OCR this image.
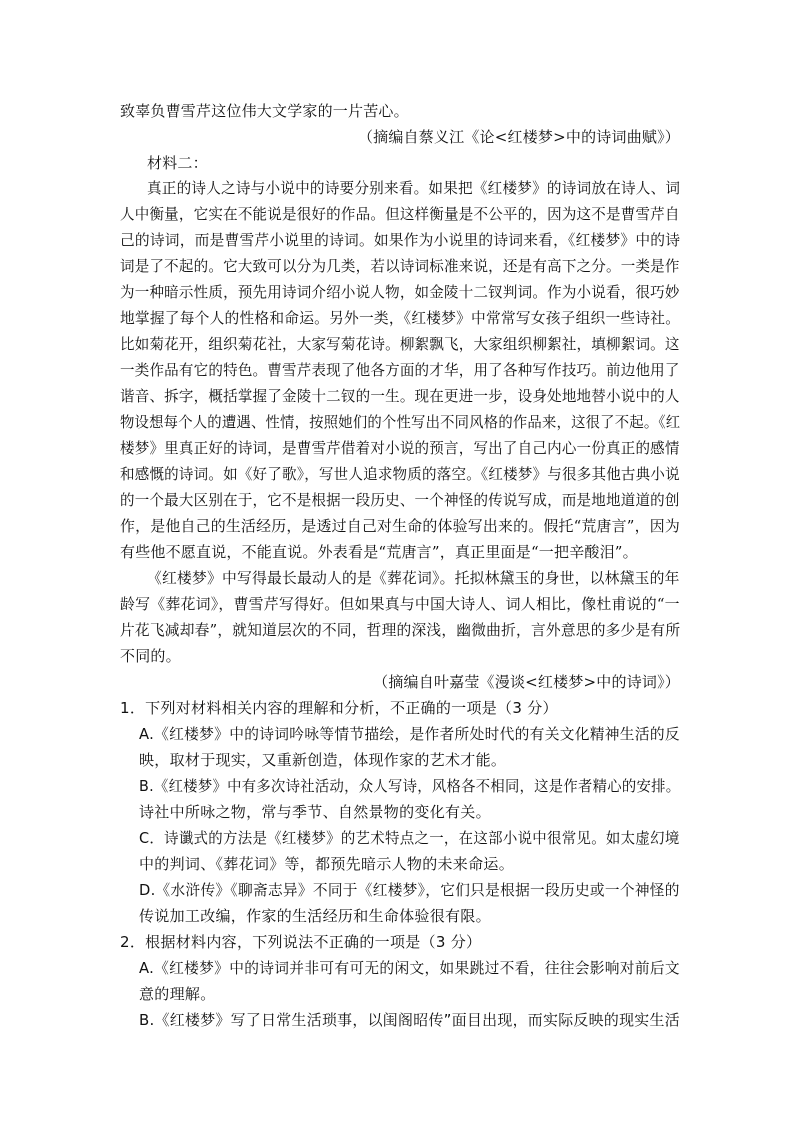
致辜负曹雪芹这位伟大文学家的一片苦心。
（摘编自蔡义江《论<红楼梦>中的诗词曲赋》）
材料二：
真正的诗人之诗与小说中的诗要分别来看。如果把《红楼梦》的诗词放在诗人、词
人中衡量，它实在不能说是很好的作品。但这样衡量是不公平的，因为这不是曹雪芹自
己的诗词，而是曹雪芹小说里的诗词。如果作为小说里的诗词来看，《红楼梦》中的诗
词是了不起的。它大致可以分为几类，若以诗词标准来说，还是有高下之分。一类是作
为一种暗示性质，预先用诗词介绍小说人物，如金陵十二钗判词。作为小说看，很巧妙
地掌握了每个人的性格和命运。另外一类，《红楼梦》中常常写女孩子组织一些诗社。
比如菊花开，组织菊花社，大家写菊花诗。柳絮飘飞，大家组织柳絮社，填柳絮词。这
一类作品有它的特色。曹雪芹表现了他各方面的才华，用了各种写作技巧。前边他用了
谐音、拆字，概括掌握了金陵十二钗的一生。现在更进一步，设身处地地替小说中的人
物设想每个人的遭遇、性情，按照她们的个性写出不同风格的作品来，这很了不起。《红
楼梦》里真正好的诗词，是曹雪芹借着对小说的预言，写出了自己内心一份真正的感情
和感慨的诗词。如《好了歌》，写世人追求物质的落空。《红楼梦》与很多其他古典小说
的一个最大区别在于，它不是根据一段历史、一个神怪的传说写成，而是地地道道的创
作，是他自己的生活经历，是透过自己对生命的体验写出来的。假托“荒唐言”，因为
有些他不愿直说，不能直说。外表看是“荒唐言”，真正里面是“一把辛酸泪”。
《红楼梦》中写得最长最动人的是《葬花词》。托拟林黛玉的身世，以林黛玉的年
龄写《葬花词》，曹雪芹写得好。但如果真与中国大诗人、词人相比，像杜甫说的“一
片花飞减却春”，就知道层次的不同，哲理的深浅，幽微曲折，言外意思的多少是有所
不同的。
（摘编自叶嘉莹《漫谈<红楼梦>中的诗词》）
1．下列对材料相关内容的理解和分析，不正确的一项是（3 分）
A.《红楼梦》中的诗词吟咏等情节描绘，是作者所处时代的有关文化精神生活的反
映，取材于现实，又重新创造，体现作家的艺术才能。
B.《红楼梦》中有多次诗社活动，众人写诗，风格各不相同，这是作者精心的安排。
诗社中所咏之物，常与季节、自然景物的变化有关。
C．诗谶式的方法是《红楼梦》的艺术特点之一，在这部小说中很常见。如太虚幻境
中的判词、《葬花词》等，都预先暗示人物的未来命运。
D.《水浒传》《聊斋志异》不同于《红楼梦》，它们只是根据一段历史或一个神怪的
传说加工改编，作家的生活经历和生命体验很有限。
2．根据材料内容，下列说法不正确的一项是（3 分）
A.《红楼梦》中的诗词并非可有可无的闲文，如果跳过不看，往往会影响对前后文
意的理解。
B.《红楼梦》写了日常生活琐事，以闺阁昭传”面目出现，而实际反映的现实生活
